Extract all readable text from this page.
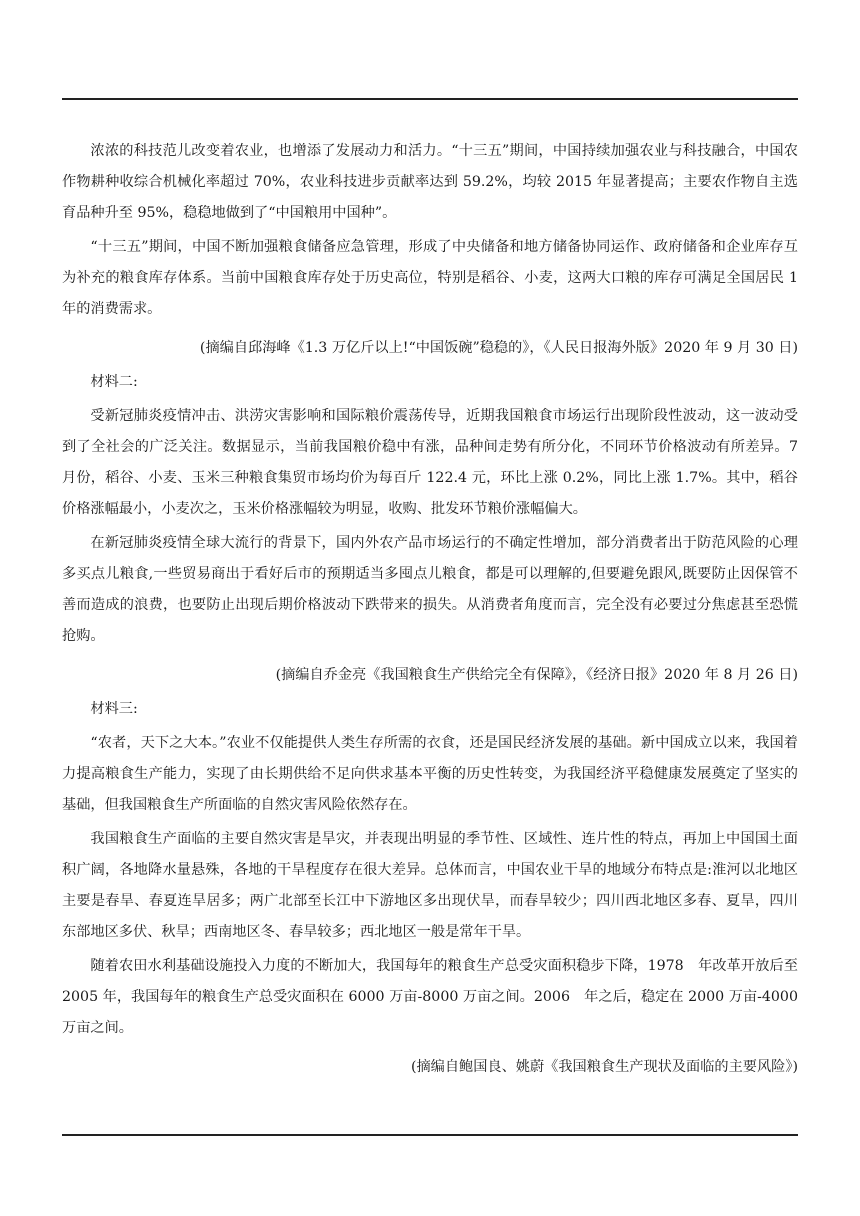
浓浓的科技范儿改变着农业，也增添了发展动力和活力。“十三五”期间，中国持续加强农业与科技融合，中国农作物耕种收综合机械化率超过 70%，农业科技进步贡献率达到 59.2%，均较 2015 年显著提高；主要农作物自主选育品种升至 95%，稳稳地做到了“中国粮用中国种”。

“十三五”期间，中国不断加强粮食储备应急管理，形成了中央储备和地方储备协同运作、政府储备和企业库存互为补充的粮食库存体系。当前中国粮食库存处于历史高位，特别是稻谷、小麦，这两大口粮的库存可满足全国居民 1 年的消费需求。

(摘编自邱海峰《1.3 万亿斤以上!“中国饭碗”稳稳的》，《人民日报海外版》2020 年 9 月 30 日)

材料二:

受新冠肺炎疫情冲击、洪涝灾害影响和国际粮价震荡传导，近期我国粮食市场运行出现阶段性波动，这一波动受到了全社会的广泛关注。数据显示，当前我国粮价稳中有涨，品种间走势有所分化，不同环节价格波动有所差异。7 月份，稻谷、小麦、玉米三种粮食集贸市场均价为每百斤 122.4 元，环比上涨 0.2%，同比上涨 1.7%。其中，稻谷价格涨幅最小，小麦次之，玉米价格涨幅较为明显，收购、批发环节粮价涨幅偏大。

在新冠肺炎疫情全球大流行的背景下，国内外农产品市场运行的不确定性增加，部分消费者出于防范风险的心理多买点儿粮食,一些贸易商出于看好后市的预期适当多囤点儿粮食，都是可以理解的,但要避免跟风,既要防止因保管不善而造成的浪费，也要防止出现后期价格波动下跌带来的损失。从消费者角度而言，完全没有必要过分焦虑甚至恐慌抢购。

(摘编自乔金亮《我国粮食生产供给完全有保障》，《经济日报》2020 年 8 月 26 日)

材料三:

“农者，天下之大本。”农业不仅能提供人类生存所需的衣食，还是国民经济发展的基础。新中国成立以来，我国着力提高粮食生产能力，实现了由长期供给不足向供求基本平衡的历史性转变，为我国经济平稳健康发展奠定了坚实的基础，但我国粮食生产所面临的自然灾害风险依然存在。

我国粮食生产面临的主要自然灾害是旱灾，并表现出明显的季节性、区域性、连片性的特点，再加上中国国土面积广阔，各地降水量悬殊，各地的干旱程度存在很大差异。总体而言，中国农业干旱的地域分布特点是:淮河以北地区主要是春旱、春夏连旱居多；两广北部至长江中下游地区多出现伏旱，而春旱较少；四川西北地区多春、夏旱，四川东部地区多伏、秋旱；西南地区冬、春旱较多；西北地区一般是常年干旱。

随着农田水利基础设施投入力度的不断加大，我国每年的粮食生产总受灾面积稳步下降，1978　年改革开放后至 2005 年，我国每年的粮食生产总受灾面积在 6000 万亩-8000 万亩之间。2006　年之后，稳定在 2000 万亩-4000 万亩之间。

(摘编自鲍国良、姚蔚《我国粮食生产现状及面临的主要风险》)
